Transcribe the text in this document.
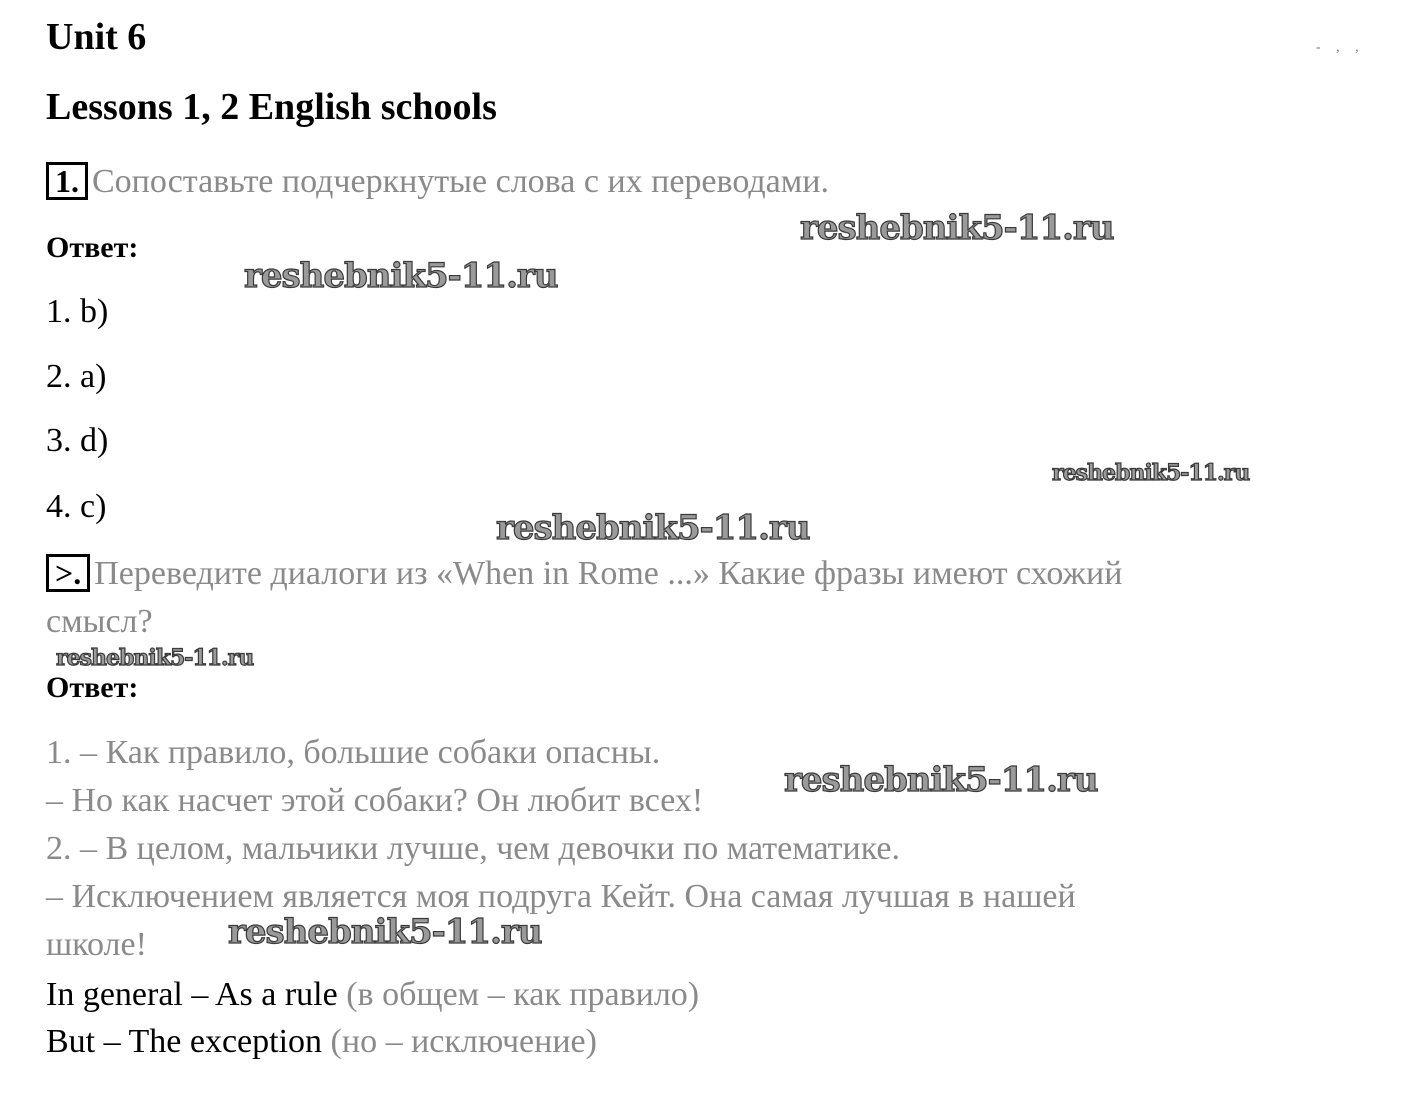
- , ,
Unit 6
Lessons 1, 2 English schools
1. Сопоставьте подчеркнутые слова с их переводами.
Ответ:
1. b)
2. a)
3. d)
4. c)
>. Переведите диалоги из «When in Rome ...» Какие фразы имеют схожий
смысл?
Ответ:
1. – Как правило, большие собаки опасны.
– Но как насчет этой собаки? Он любит всех!
2. – В целом, мальчики лучше, чем девочки по математике.
– Исключением является моя подруга Кейт. Она самая лучшая в нашей
школе!
In general – As a rule (в общем – как правило)
But – The exception (но – исключение)
reshebnik5-11.ru
reshebnik5-11.ru
reshebnik5-11.ru
reshebnik5-11.ru
reshebnik5-11.ru
reshebnik5-11.ru
reshebnik5-11.ru
